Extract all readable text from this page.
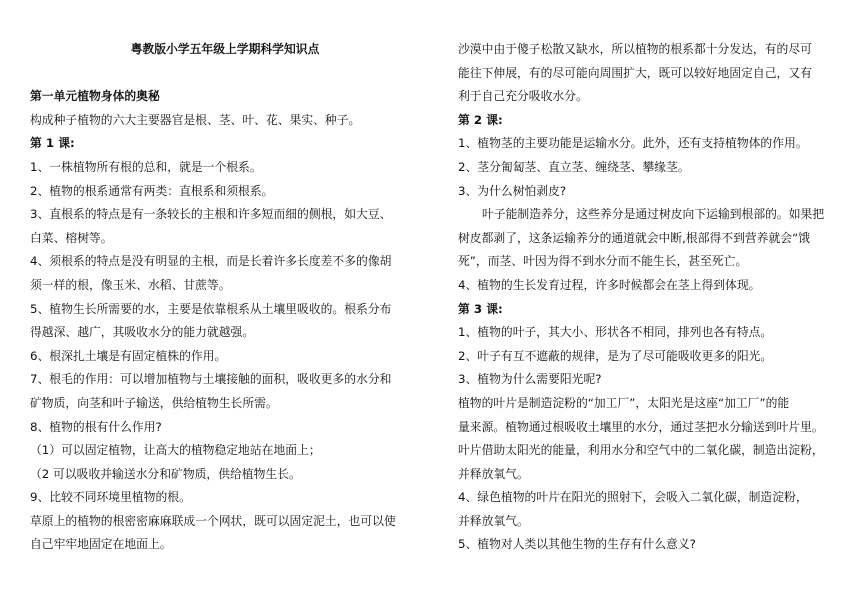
粤教版小学五年级上学期科学知识点
第一单元植物身体的奥秘
构成种子植物的六大主要器官是根、茎、叶、花、果实、种子。
第 1 课:
1、一株植物所有根的总和，就是一个根系。
2、植物的根系通常有两类：直根系和须根系。
3、直根系的特点是有一条较长的主根和许多短而细的侧根，如大豆、
白菜、榕树等。
4、须根系的特点是没有明显的主根，而是长着许多长度差不多的像胡
须一样的根，像玉米、水稻、甘蔗等。
5、植物生长所需要的水，主要是依靠根系从土壤里吸收的。根系分布
得越深、越广，其吸收水分的能力就越强。
6、根深扎土壤是有固定植株的作用。
7、根毛的作用：可以增加植物与土壤接触的面积，吸收更多的水分和
矿物质，向茎和叶子输送，供给植物生长所需。
8、植物的根有什么作用?
（1）可以固定植物，让高大的植物稳定地站在地面上；
（2 可以吸收并输送水分和矿物质，供给植物生长。
9、比较不同环境里植物的根。
草原上的植物的根密密麻麻联成一个网状，既可以固定泥土，也可以使
自己牢牢地固定在地面上。
沙漠中由于傻子松散又缺水，所以植物的根系都十分发达，有的尽可
能往下伸展，有的尽可能向周围扩大，既可以较好地固定自己，又有
利于自己充分吸收水分。
第 2 课:
1、植物茎的主要功能是运输水分。此外，还有支持植物体的作用。
2、茎分匍匐茎、直立茎、缠绕茎、攀缘茎。
3、为什么树怕剥皮?
叶子能制造养分，这些养分是通过树皮向下运输到根部的。如果把
树皮都剥了，这条运输养分的通道就会中断,根部得不到营养就会“饿
死”，而茎、叶因为得不到水分而不能生长，甚至死亡。
4、植物的生长发育过程，许多时候都会在茎上得到体现。
第 3 课:
1、植物的叶子，其大小、形状各不相同，排列也各有特点。
2、叶子有互不遮蔽的规律，是为了尽可能吸收更多的阳光。
3、植物为什么需要阳光呢?
植物的叶片是制造淀粉的“加工厂”，太阳光是这座“加工厂”的能
量来源。植物通过根吸收土壤里的水分，通过茎把水分输送到叶片里。
叶片借助太阳光的能量，利用水分和空气中的二氧化碳，制造出淀粉，
并释放氧气。
4、绿色植物的叶片在阳光的照射下，会吸入二氧化碳，制造淀粉，
并释放氧气。
5、植物对人类以其他生物的生存有什么意义?
